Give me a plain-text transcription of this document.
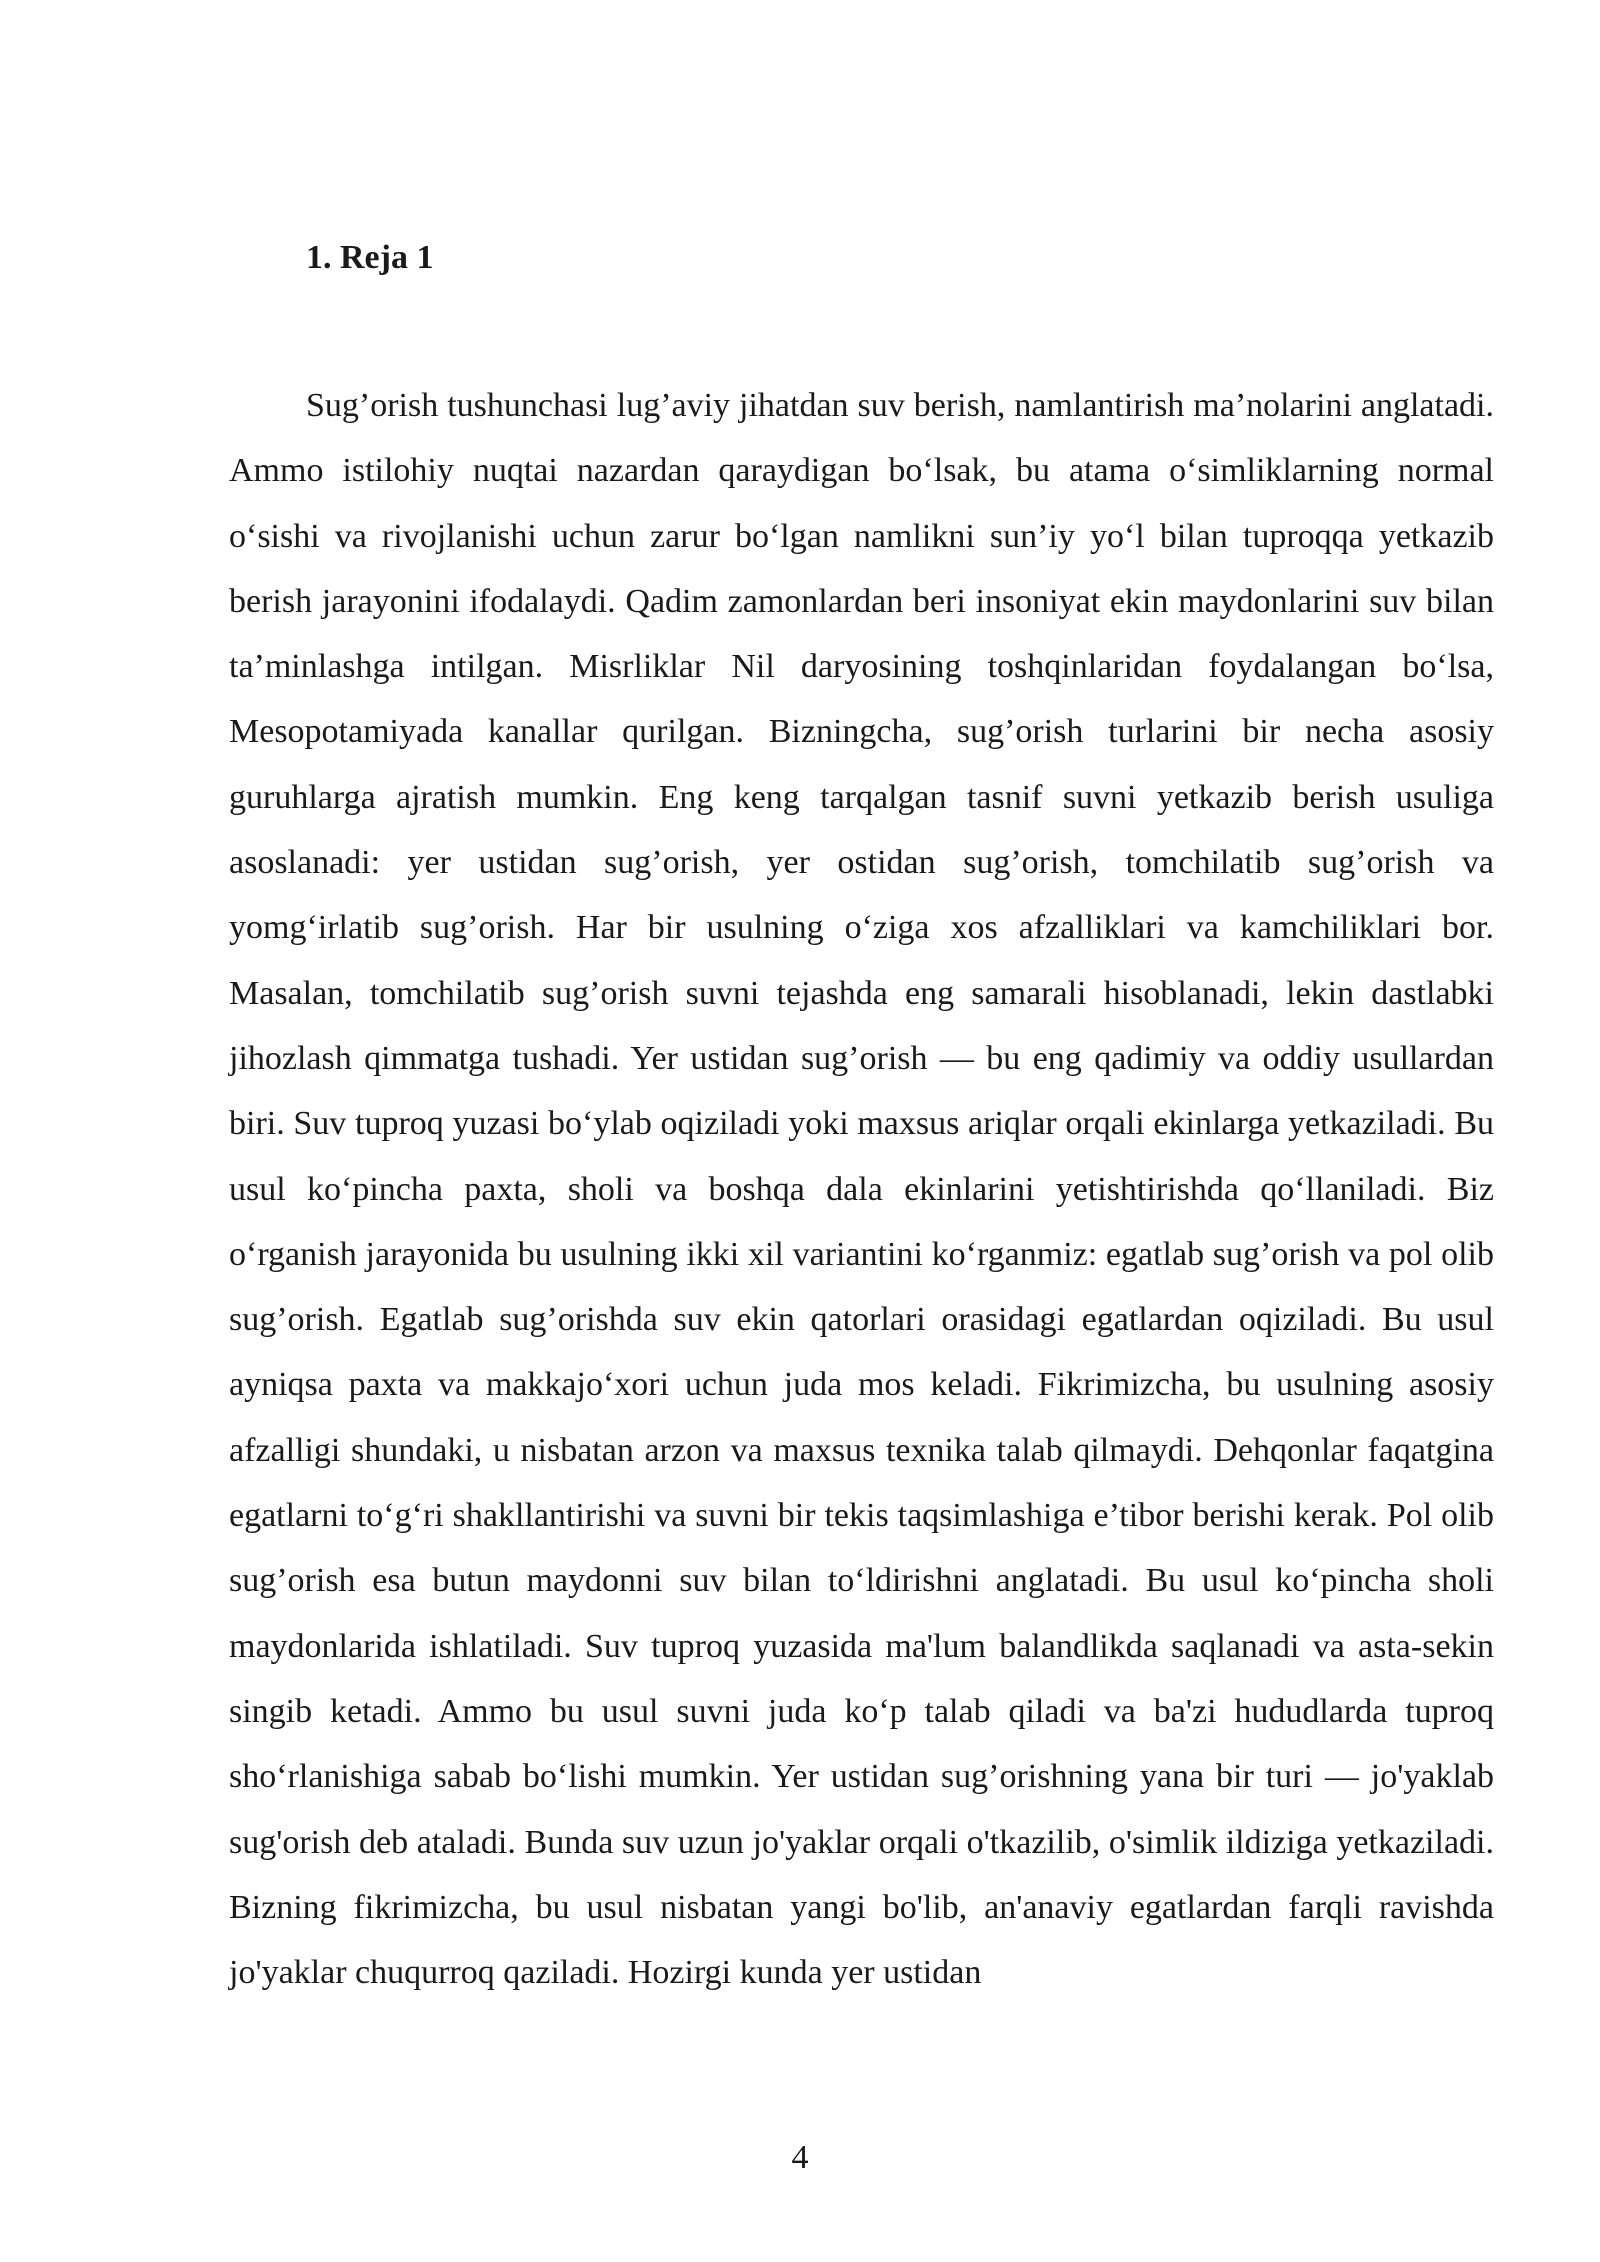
1. Reja 1

Sug’orish tushunchasi lug’aviy jihatdan suv berish, namlantirish ma’nolarini anglatadi. Ammo istilohiy nuqtai nazardan qaraydigan bo‘lsak, bu atama o‘simliklarning normal o‘sishi va rivojlanishi uchun zarur bo‘lgan namlikni sun’iy yo‘l bilan tuproqqa yetkazib berish jarayonini ifodalaydi. Qadim zamonlardan beri insoniyat ekin maydonlarini suv bilan ta’minlashga intilgan. Misrliklar Nil daryosining toshqinlaridan foydalangan bo‘lsa, Mesopotamiyada kanallar qurilgan. Bizningcha, sug’orish turlarini bir necha asosiy guruhlarga ajratish mumkin. Eng keng tarqalgan tasnif suvni yetkazib berish usuliga asoslanadi: yer ustidan sug’orish, yer ostidan sug’orish, tomchilatib sug’orish va yomg‘irlatib sug’orish. Har bir usulning o‘ziga xos afzalliklari va kamchiliklari bor. Masalan, tomchilatib sug’orish suvni tejashda eng samarali hisoblanadi, lekin dastlabki jihozlash qimmatga tushadi. Yer ustidan sug’orish — bu eng qadimiy va oddiy usullardan biri. Suv tuproq yuzasi bo‘ylab oqiziladi yoki maxsus ariqlar orqali ekinlarga yetkaziladi. Bu usul ko‘pincha paxta, sholi va boshqa dala ekinlarini yetishtirishda qo‘llaniladi. Biz o‘rganish jarayonida bu usulning ikki xil variantini ko‘rganmiz: egatlab sug’orish va pol olib sug’orish. Egatlab sug’orishda suv ekin qatorlari orasidagi egatlardan oqiziladi. Bu usul ayniqsa paxta va makkajo‘xori uchun juda mos keladi. Fikrimizcha, bu usulning asosiy afzalligi shundaki, u nisbatan arzon va maxsus texnika talab qilmaydi. Dehqonlar faqatgina egatlarni to‘g‘ri shakllantirishi va suvni bir tekis taqsimlashiga e’tibor berishi kerak. Pol olib sug’orish esa butun maydonni suv bilan to‘ldirishni anglatadi. Bu usul ko‘pincha sholi maydonlarida ishlatiladi. Suv tuproq yuzasida ma'lum balandlikda saqlanadi va asta-sekin singib ketadi. Ammo bu usul suvni juda ko‘p talab qiladi va ba'zi hududlarda tuproq sho‘rlanishiga sabab bo‘lishi mumkin. Yer ustidan sug’orishning yana bir turi — jo'yaklab sug'orish deb ataladi. Bunda suv uzun jo'yaklar orqali o'tkazilib, o'simlik ildiziga yetkaziladi. Bizning fikrimizcha, bu usul nisbatan yangi bo'lib, an'anaviy egatlardan farqli ravishda jo'yaklar chuqurroq qaziladi. Hozirgi kunda yer ustidan

4
